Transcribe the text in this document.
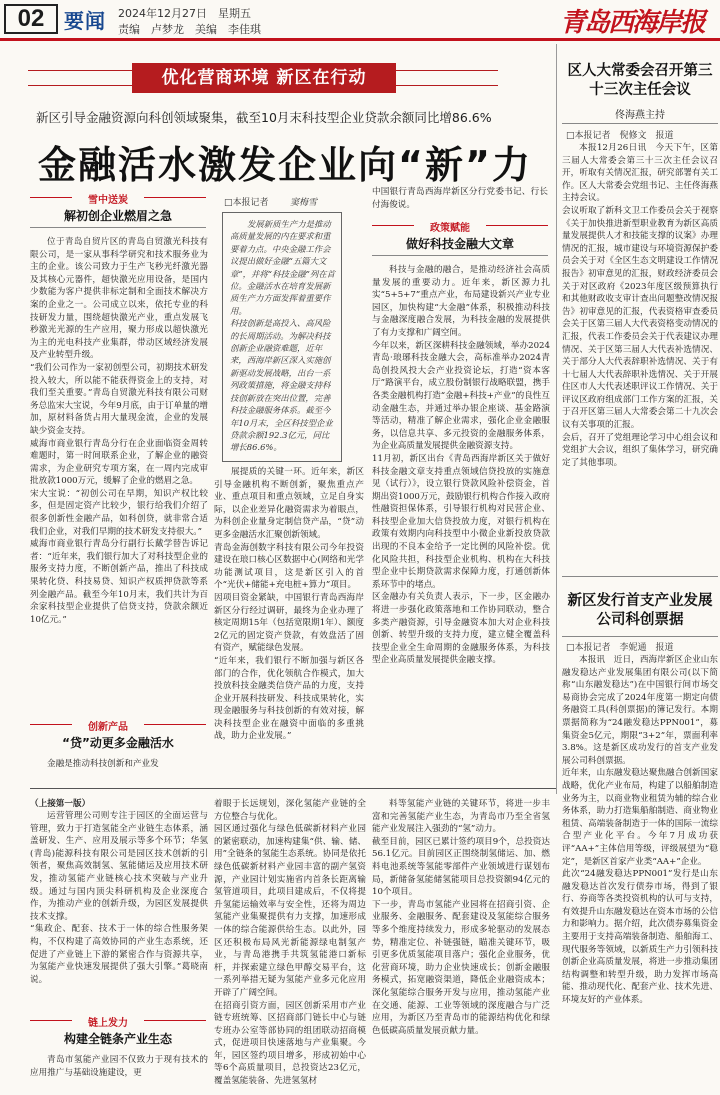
02 要闻 2024年12月27日　星期五
责编　卢梦龙　美编　李佳琪	青岛西海岸报
优化营商环境 新区在行动
新区引导金融资源向科创领域聚集，截至10月末科技型企业贷款余额同比增86.6%
金融活水激发企业向“新”力
雪中送炭
解初创企业燃眉之急
位于青岛自贸片区的青岛自贸激光科技有限公司，是一家从事科学研究和技术服务业为主的企业。该公司致力于生产飞秒光纤激光器及其核心元器件，超快激光应用设备，是国内少数能为客户提供非标定制和全面技术解决方案的企业之一。公司成立以来，依托专业的科技研发力量，围绕超快激光产业，重点发展飞秒激光光源的生产应用，聚力形成以超快激光为主的光电科技产业集群，带动区域经济发展及产业转型升级。
“我们公司作为一家初创型公司，初期技术研发投入较大，所以能不能获得资金上的支持，对我们至关重要。”青岛自贸激光科技有限公司财务总监宋大宝说，今年9月底，由于订单量的增加，原材料备货占用大量现金流，企业的发展缺少资金支持。
威海市商业银行青岛分行在企业面临资金周转难题时，第一时间联系企业，了解企业的融资需求，为企业研究专项方案，在一周内完成审批放款1000万元，缓解了企业的燃眉之急。
宋大宝说：“初创公司在早期，知识产权比较多，但是固定资产比较少，银行给我们介绍了很多创新性金融产品，如科创贷，就非常合适我们企业，对我们早期的技术研发支持很大。”
威海市商业银行青岛分行副行长戴学替告诉记者：“近年来，我们银行加大了对科技型企业的服务支持力度，不断创新产品，推出了科技成果转化贷、科技易贷、知识产权质押贷款等系列金融产品。截至今年10月末，我们共计为百余家科技型企业提供了信贷支持，贷款余额近10亿元。”
创新产品
“贷”动更多金融活水
金融是推动科技创新和产业发
□本报记者 窦梅雪
发展新质生产力是推动高质量发展的内在要求和重要着力点。中央金融工作会议提出做好金融“五篇大文章”，并将“科技金融”列在首位。金融活水在培育发展新质生产力方面发挥着重要作用。
科技创新是高投入、高风险的长周期活动。为解决科技创新企业融资难题，近年来，西海岸新区深入实施创新驱动发展战略，出台一系列政策措施，将金融支持科技创新放在突出位置，完善科技金融服务体系。截至今年10月末，全区科技型企业贷款余额192.3亿元，同比增长86.6%。
展提质的关键一环。近年来，新区引导金融机构不断创新，聚焦重点产业、重点项目和重点领域，立足自身实际，以企业差异化融资需求为着眼点，为科创企业量身定制信贷产品，“贷”动更多金融活水汇聚创新领域。
青岛金海创数字科技有限公司今年投资建设在琅口核心区数据中心(网络和光学功能测试项目，这是新区引入的首个“光伏+储能+充电桩+算力”项目。
因项目资金紧缺，中国银行青岛西海岸新区分行经过调研，最终为企业办理了核定周期15年（包括宽限期1年）、额度2亿元的固定资产贷款，有效盘活了固有资产，赋能绿色发展。
“近年来，我们银行不断加强与新区各部门的合作，优化领航合作模式，加大投放科技金融类信贷产品的力度，支持企业开展科技研发、科技成果转化，实现金融服务与科技创新的有效对接，解决科技型企业在融资中面临的多重挑战，助力企业发展。”
中国银行青岛西海岸新区分行党委书记、行长付海俊说。
政策赋能
做好科技金融大文章
科技与金融的融合，是推动经济社会高质量发展的重要动力。近年来，新区源力扎实“5+5+7”重点产业，布局建设新兴产业专业园区，加快构建“大金融”体系，积极推动科技与金融深度融合发展，为科技金融的发展提供了有力支撑和广阔空间。
今年以来，新区深耕科技金融领域，举办2024青岛·琅琊科技金融大会，高标准举办2024青岛创投风投大会产业投资论坛，打造“资本客厅”路演平台，成立股份制银行战略联盟，携手各类金融机构打造“金融+科技+产业”的良性互动金融生态，并通过举办银企座谈、基金路演等活动，精准了解企业需求，强化企业金融服务，以信息共享、多元投资的金融服务体系，为企业高质量发展提供金融资源支持。
11月初，新区出台《青岛西海岸新区关于做好科技金融文章支持重点领域信贷投放的实施意见（试行）》，设立银行贷款风险补偿资金，首期出资1000万元，鼓励银行机构合作接入政府性融资担保体系，引导银行机构对民营企业、科技型企业加大信贷投放力度，对银行机构在政策有效期内向科技型中小微企业新投放贷款出现的不良本金给予一定比例的风险补偿。优化风险共担，科技型企业机构、机构在大科技型企业中长期贷款需求保障力度，打通创新体系环节中的堵点。
区金融办有关负责人表示，下一步，区金融办将进一步强化政策落地和工作协同联动，整合多类产融资源，引导金融资本加大对企业科技创新、转型升级的支持力度，建立健全覆盖科技型企业全生命周期的金融服务体系，为科技型企业高质量发展提供金融支撑。
区人大常委会召开第三十三次主任会议
佟海燕主持
□本报记者　倪修文　报道
本报12月26日讯　今天下午，区第三届人大常委会第三十三次主任会议召开，听取有关情况汇报，研究部署有关工作。区人大常委会党组书记、主任佟海燕主持会议。
会议听取了新科文卫工作委员会关于视察《关于加快推进新型职业教育为新区高质量发展提供人才和技能支撑的议案》办理情况的汇报，城市建设与环境资源保护委员会关于对《全区生态文明建设工作情况报告》初审意见的汇报，财政经济委员会关于对区政府《2023年度区级预算执行和其他财政收支审计查出问题整改情况报告》初审意见的汇报，代表资格审查委员会关于区第三届人大代表资格变动情况的汇报，代表工作委员会关于代表建议办理情况、关于区第三届人大代表补选情况、关于部分人大代表辞职补选情况、关于有十七届人大代表辞职补选情况、关于开展住区市人大代表述职评议工作情况、关于评议区政府组成部门工作方案的汇报，关于召开区第三届人大常委会第二十九次会议有关事项的汇报。
会后，召开了党组理论学习中心组会议和党组扩大会议，组织了集体学习，研究确定了其他事项。
新区发行首支产业发展公司科创票据
□本报记者　李妮通　报道
本报讯　近日，西海岸新区企业山东融发稳达产业发展集团有限公司(以下简称“山东融发稳达”)在中国银行间市场交易商协会完成了2024年度第一期定向债务融资工具(科创票据)的簿记发行。本期票据简称为“24融发稳达PPN001”，募集资金5亿元，期限“3+2”年，票面利率3.8%。这是新区成功发行的首支产业发展公司科创票据。
近年来，山东融发稳达聚焦融合创新国家战略，优化产业布局，构建了以船舶制造业务为主，以商业物业租赁为辅的综合业务体系，助力打造集船舶制造、商业物业租赁、高端装备制造于一体的国际一流综合型产业化平台。今年7月成功获评“AA+”主体信用等级，评级展望为“稳定”，是新区首家产业类“AA+”企业。
此次“24融发稳达PPN001”发行是山东融发稳达首次发行债券市场，得到了银行、券商等各类投资机构的认可与支持，有效提升山东融发稳达在资本市场的公信力和影响力。据介绍，此次债券募集资金主要用于支持高端装备制造、船舶海工、现代服务等领域，以新质生产力引领科技创新企业高质量发展，将进一步推动集团结构调整和转型升级，助力发挥市场高能、推动现代化、配套产业、技术先进、环境友好的产业体系。
（上接第一版）
运营管理公司则专注于园区的全面运营与管理，致力于打造氢能全产业链生态体系，涵盖研发、生产、应用及展示等多个环节；华氢(青岛)能源科技有限公司是园区技术创新的引领者，聚焦高效制氢、氢能储运及应用技术研发，推动氢能产业链核心技术突破与产业升级。通过与国内顶尖科研机构及企业深度合作，为推动产业的创新升级，为园区发展提供技术支撑。
“集政企、配套、技术于一体的综合性服务架构，不仅构建了高效协同的产业生态系统，还促进了产业链上下游的紧密合作与资源共享，为氢能产业快速发展提供了强大引擎。”葛晓南说。
链上发力
构建全链条产业生态
青岛市氢能产业园不仅致力于现有技术的应用推广与基础设施建设，更
着眼于长远规划，深化氢能产业链的全方位整合与优化。
园区通过强化与绿色低碳新材料产业园的紧密联动，加速构建集“供、输、储、用”全链条的氢能生态系统。协同是依托绿色低碳新材料产业园丰富的副产氢资源，产业园计划实施省内首条长距离输氢管道项目，此项目建成后，不仅将提升氢能运输效率与安全性，还将为周边氢能产业集聚提供有力支撑，加速形成一体的综合能源供给生态。以此外，园区还积极布局风光新能源绿电制氢产业，与青岛港携手共筑氢能港口新标杆，并探索建立绿色甲醇交易平台，这一系列举措无疑为氢能产业多元化应用开辟了广阔空间。
在招商引资方面，园区创新采用市产业链专班统筹、区招商部门链长中心与链专班办公室等部协同的组团联动招商模式，促进项目快速落地与产业集聚。今年，园区签约项目增多，形成初始中心等6个高质量项目，总投资达23亿元，覆盖氢能装备、先进氢氢材
料等氢能产业链的关键环节，将进一步丰富和完善氢能产业生态，为青岛市乃至全省氢能产业发展注入强劲的“氢”动力。
截至目前，园区已累计签约项目9个，总投资达56.1亿元。目前园区正围绕制氢储运、加、燃料电池系统等氢能零部件产业领域进行谋划布局，新储备氢能储氢能项目总投资额94亿元的10个项目。
下一步，青岛市氢能产业园将在招商引资、企业服务、金融服务、配套建设及氢能综合服务等多个维度持续发力，形成多轮驱动的发展态势，精准定位、补链强链，瞄准关键环节，吸引更多优质氢能项目落户；强化企业服务，优化营商环境，助力企业快速成长；创新金融服务模式，拓宽融资渠道，降低企业融资成本；深化氢能综合服务开发与应用，推动氢能产业在交通、能源、工业等领域的深度融合与广泛应用，为新区乃至青岛市的能源结构优化和绿色低碳高质量发展贡献力量。
